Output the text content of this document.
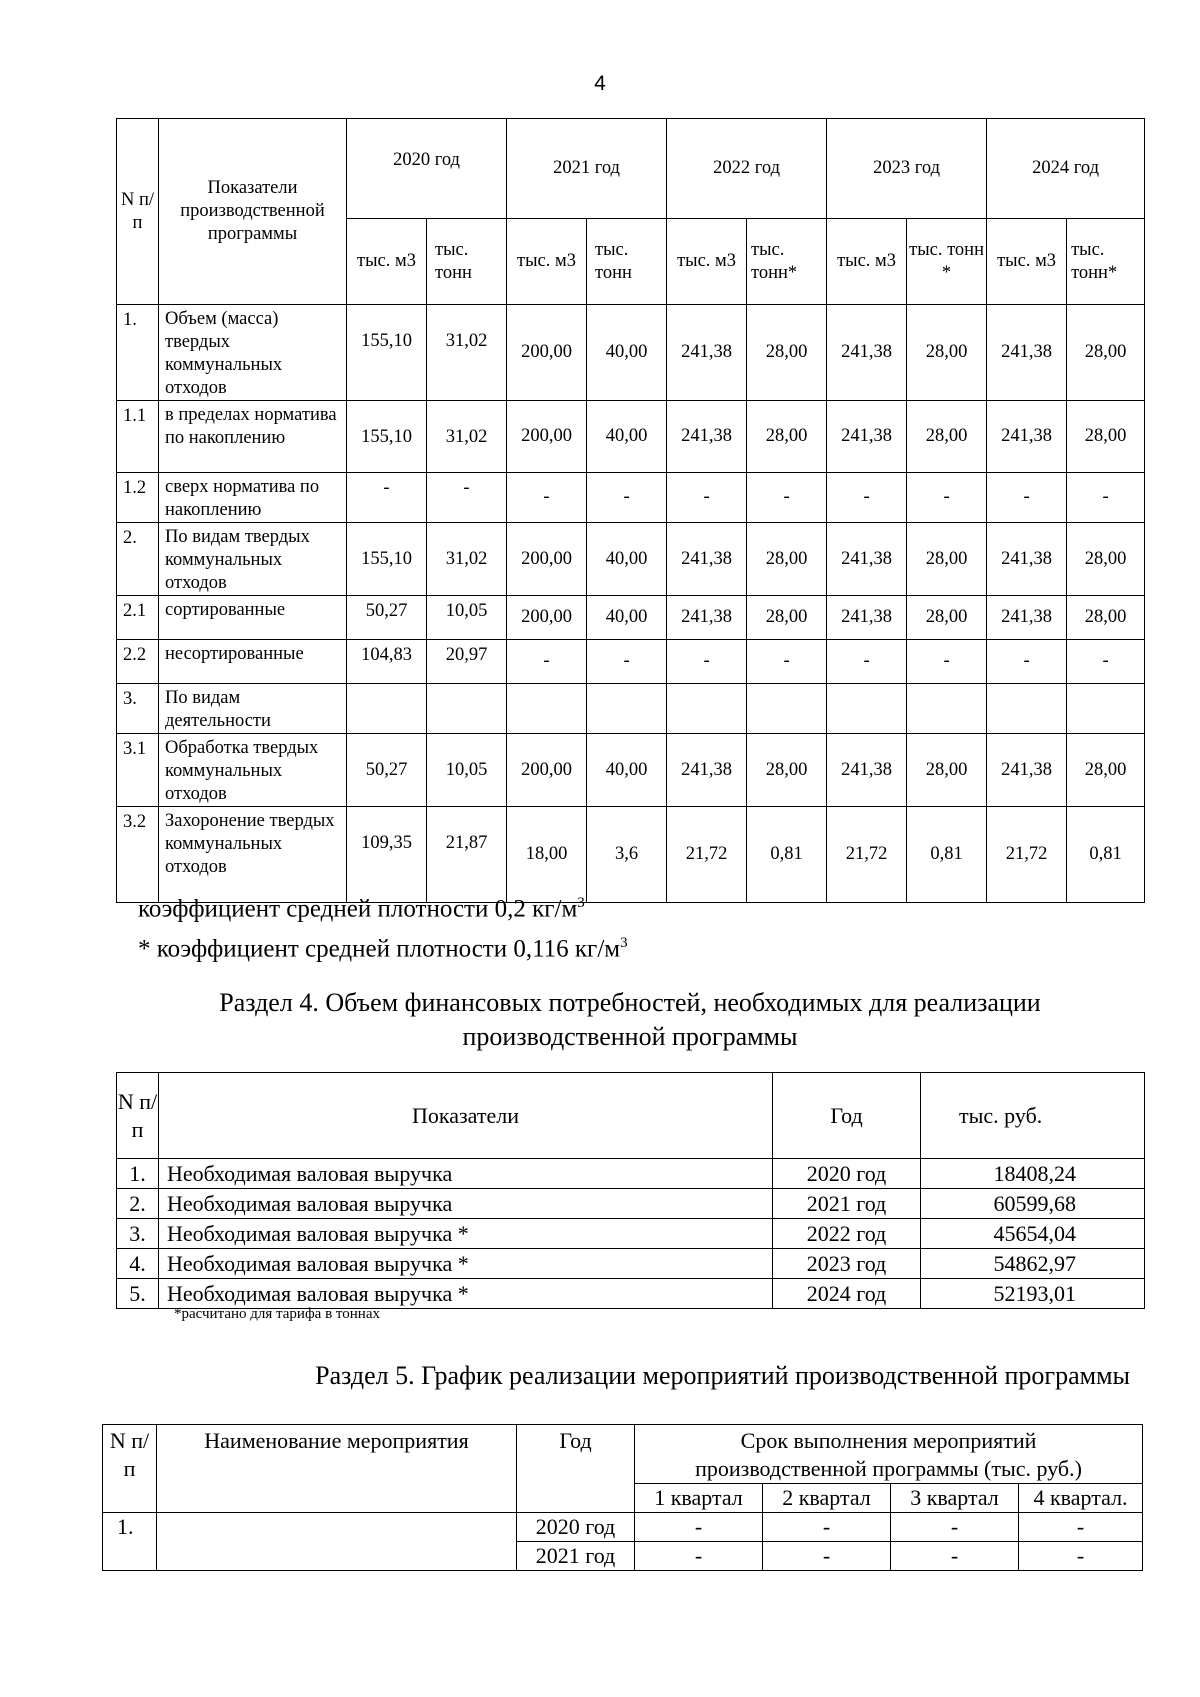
4
N п/п	Показатели производственной программы	2020 год		2021 год		2022 год		2023 год		2024 год	
		тыс. м3	тыс. тонн	тыс. м3	тыс. тонн	тыс. м3	тыс. тонн*	тыс. м3	тыс. тонн *	тыс. м3	тыс. тонн*
1.	Объем (масса) твердых коммунальных отходов	155,10	31,02	200,00	40,00	241,38	28,00	241,38	28,00	241,38	28,00
1.1	в пределах норматива по накоплению	155,10	31,02	200,00	40,00	241,38	28,00	241,38	28,00	241,38	28,00
1.2	сверх норматива по накоплению	-	-	-	-	-	-	-	-	-	-
2.	По видам твердых коммунальных отходов	155,10	31,02	200,00	40,00	241,38	28,00	241,38	28,00	241,38	28,00
2.1	сортированные	50,27	10,05	200,00	40,00	241,38	28,00	241,38	28,00	241,38	28,00
2.2	несортированные	104,83	20,97	-	-	-	-	-	-	-	-
3.	По видам деятельности										
3.1	Обработка твердых коммунальных отходов	50,27	10,05	200,00	40,00	241,38	28,00	241,38	28,00	241,38	28,00
3.2	Захоронение твердых коммунальных отходов	109,35	21,87	18,00	3,6	21,72	0,81	21,72	0,81	21,72	0,81
коэффициент средней плотности 0,2 $кг/м^3$
* коэффициент средней плотности 0,116 $кг/м^3$
Раздел 4. Объем финансовых потребностей, необходимых для реализации
производственной программы
N п/ п	Показатели	Год	тыс. руб.
1.	Необходимая валовая выручка	2020 год	18408,24
2.	Необходимая валовая выручка	2021 год	60599,68
3.	Необходимая валовая выручка *	2022 год	45654,04
4.	Необходимая валовая выручка *	2023 год	54862,97
5.	Необходимая валовая выручка *	2024 год	52193,01
*расчитано для тарифа в тоннах
Раздел 5. График реализации мероприятий производственной программы
N п/ п	Наименование мероприятия	Год	Срок выполнения мероприятий производственной программы (тыс. руб.)			
			1 квартал	2 квартал	3 квартал	4 квартал.
1.		2020 год	-	-	-	-
		2021 год	-	-	-	-
